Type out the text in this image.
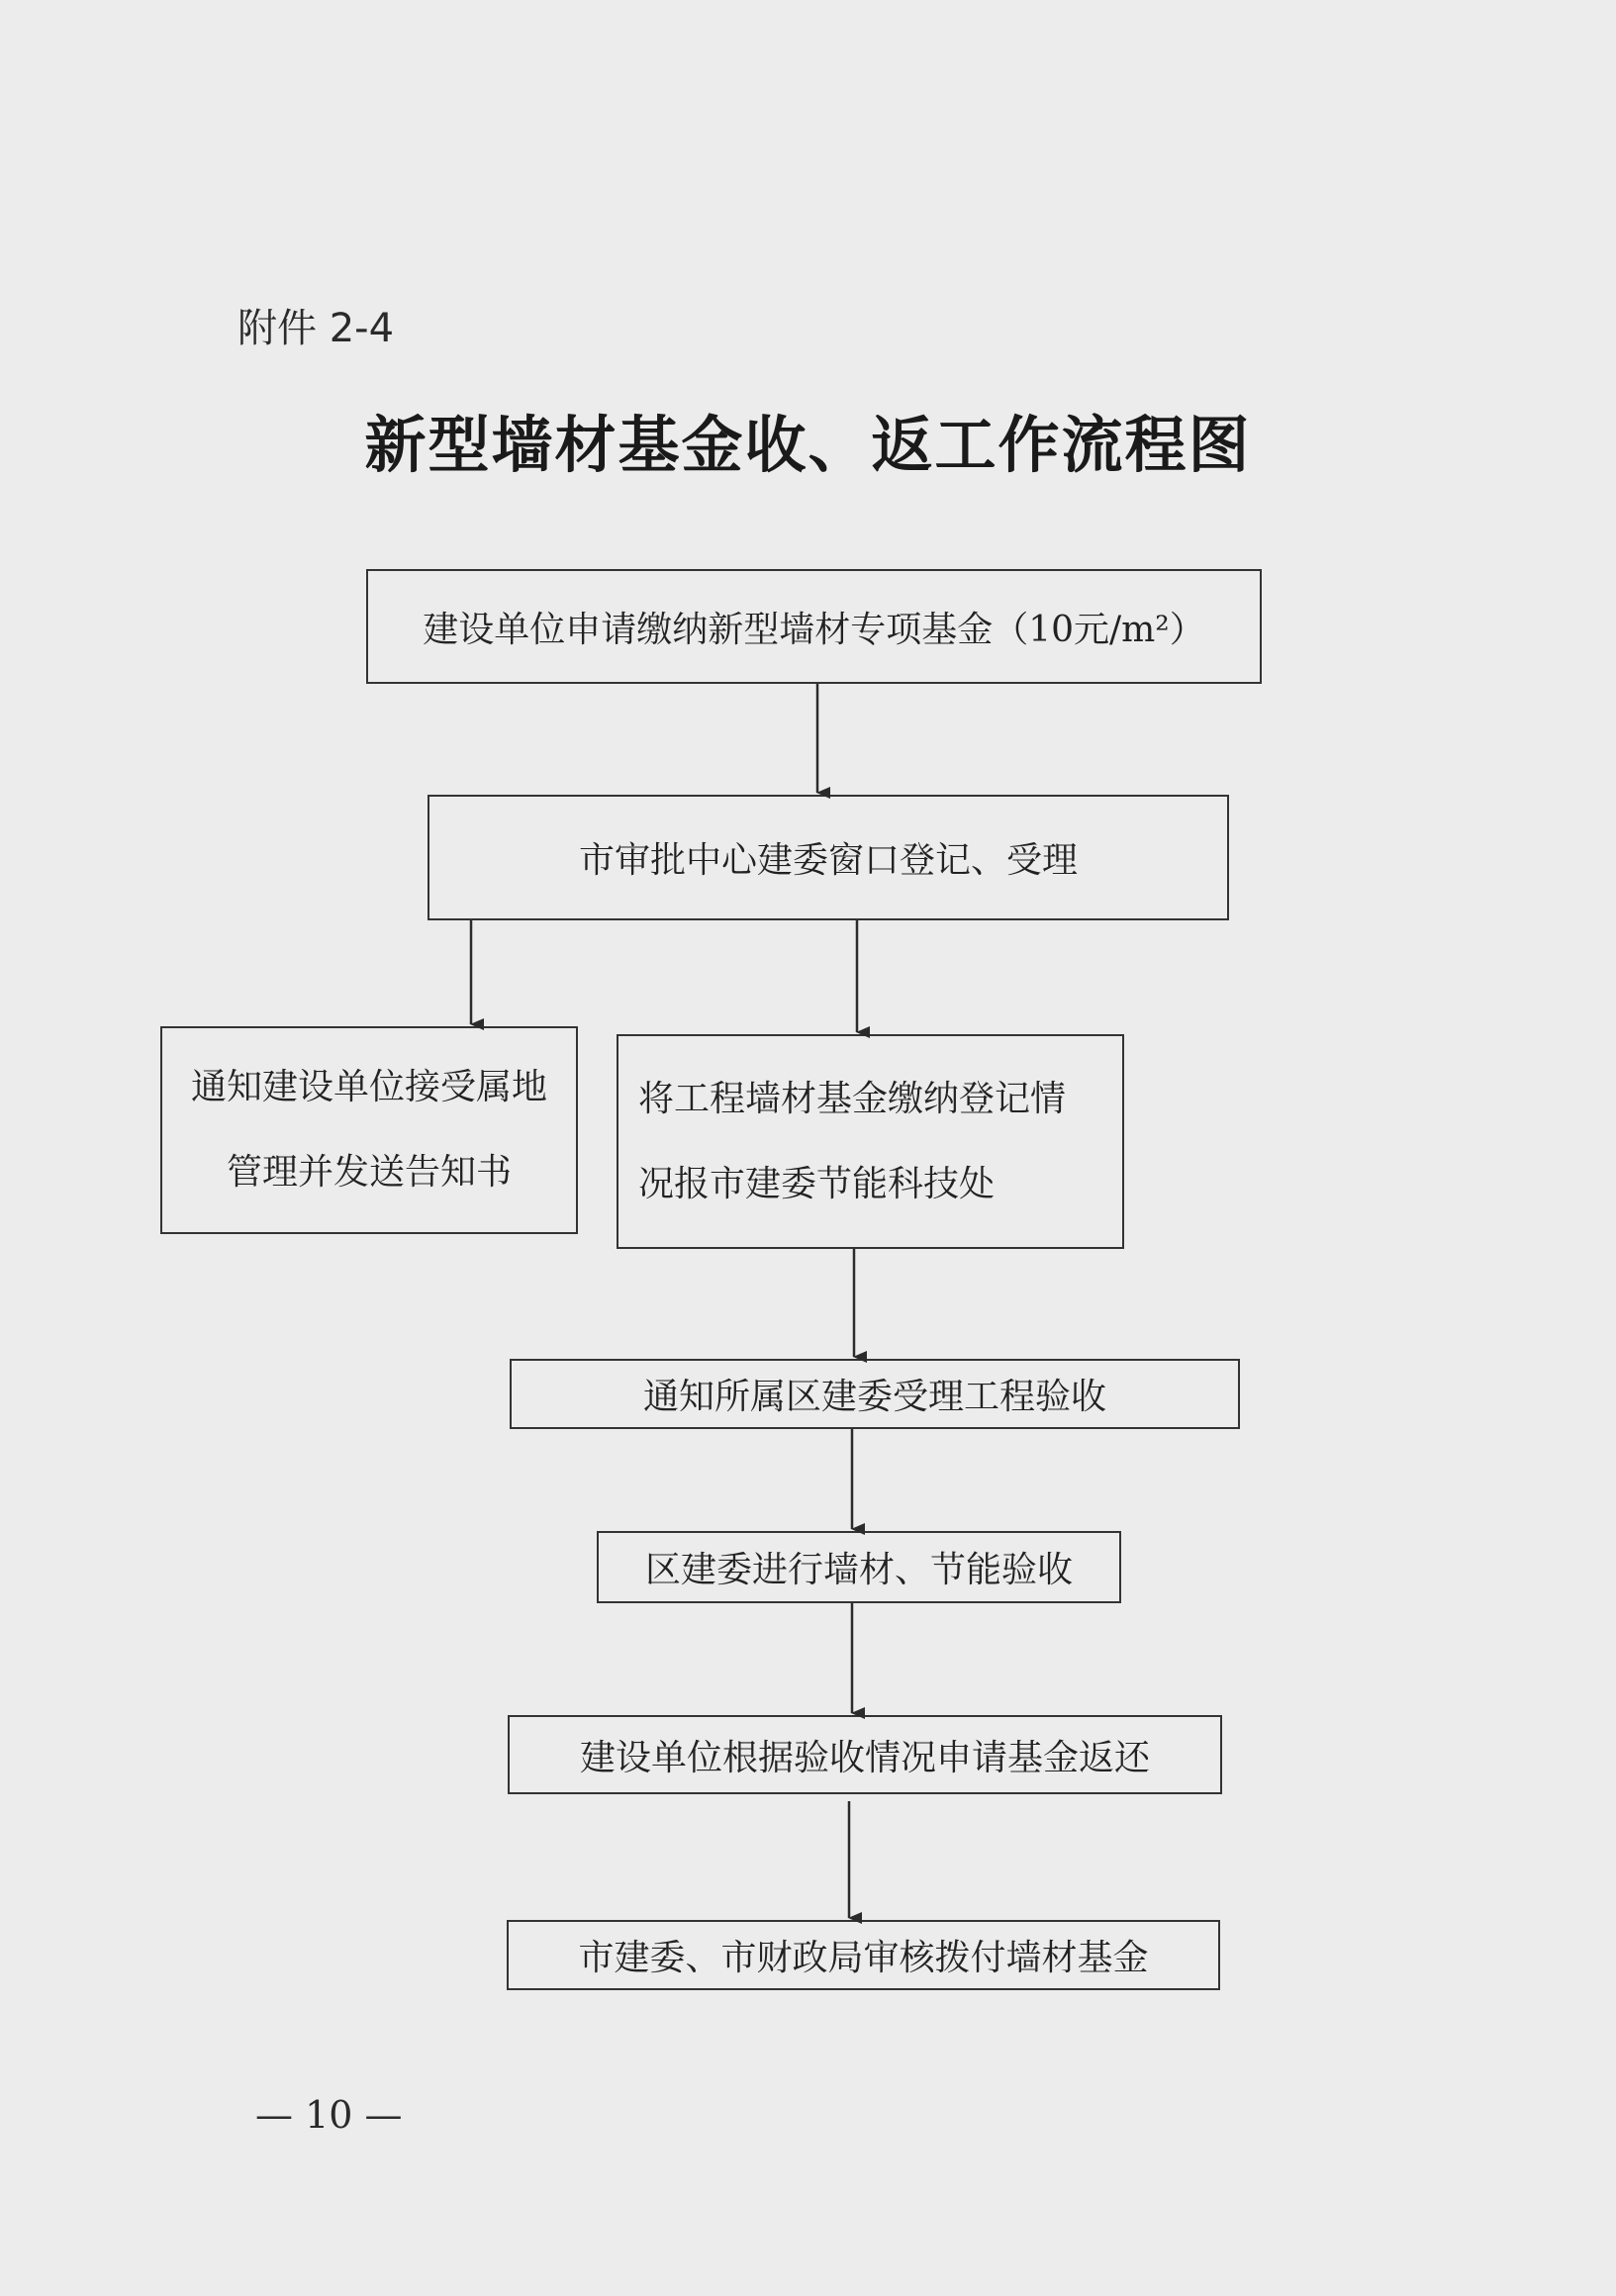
附件 2-4
新型墙材基金收、返工作流程图
建设单位申请缴纳新型墙材专项基金（10元/m²）
市审批中心建委窗口登记、受理
通知建设单位接受属地
管理并发送告知书
将工程墙材基金缴纳登记情
况报市建委节能科技处
通知所属区建委受理工程验收
区建委进行墙材、节能验收
建设单位根据验收情况申请基金返还
市建委、市财政局审核拨付墙材基金
— 10 —
